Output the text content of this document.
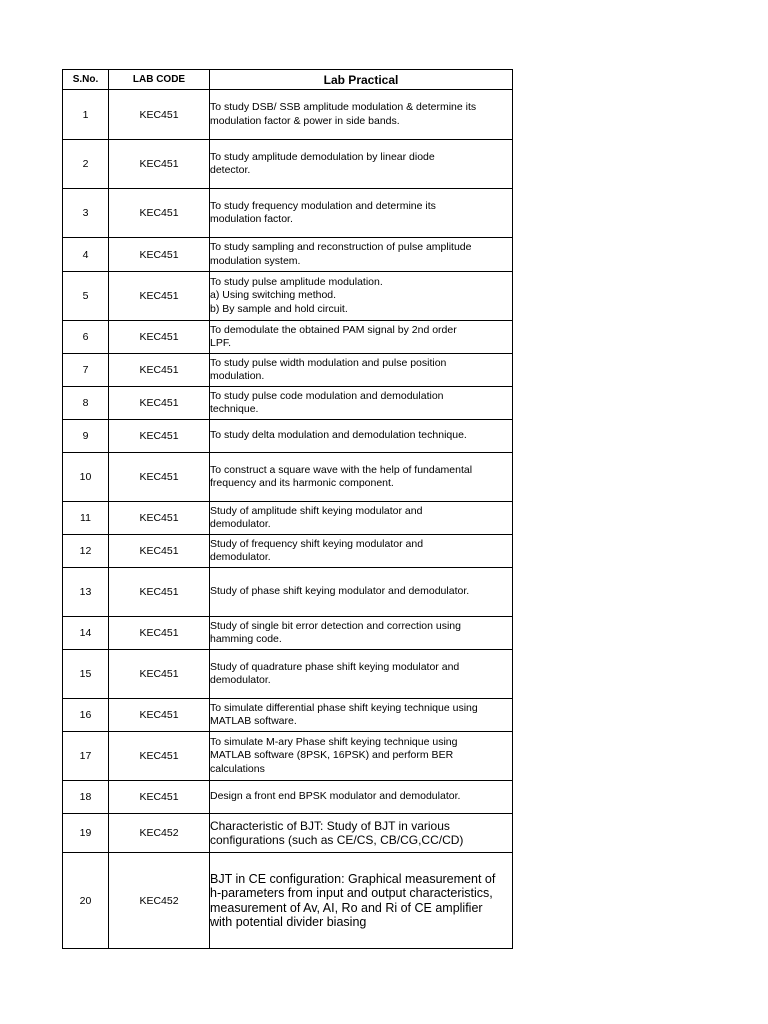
S.No.	LAB CODE	Lab Practical
1	KEC451	To study DSB/ SSB amplitude modulation & determine its
modulation factor & power in side bands.

2	KEC451	To study amplitude demodulation by linear diode
detector.

3	KEC451	To study frequency modulation and determine its
modulation factor.

4	KEC451	To study sampling and reconstruction of pulse amplitude
modulation system.

5	KEC451	To study pulse amplitude modulation.
a) Using switching method.
b) By sample and hold circuit.

6	KEC451	To demodulate the obtained PAM signal by 2nd order
LPF.

7	KEC451	To study pulse width modulation and pulse position
modulation.

8	KEC451	To study pulse code modulation and demodulation
technique.

9	KEC451	To study delta modulation and demodulation technique.

10	KEC451	To construct a square wave with the help of fundamental
frequency and its harmonic component.

11	KEC451	Study of amplitude shift keying modulator and
demodulator.

12	KEC451	Study of frequency shift keying modulator and
demodulator.

13	KEC451	Study of phase shift keying modulator and demodulator.

14	KEC451	Study of single bit error detection and correction using
hamming code.

15	KEC451	Study of quadrature phase shift keying modulator and
demodulator.

16	KEC451	To simulate differential phase shift keying technique using
MATLAB software.

17	KEC451	To simulate M-ary Phase shift keying technique using
MATLAB software (8PSK, 16PSK) and perform BER
calculations

18	KEC451	Design a front end BPSK modulator and demodulator.

19	KEC452	Characteristic of BJT: Study of BJT in various
configurations (such as CE/CS, CB/CG,CC/CD)

20	KEC452	BJT in CE configuration: Graphical measurement of
h-parameters from input and output characteristics,
measurement of Av, AI, Ro and Ri of CE amplifier
with potential divider biasing
